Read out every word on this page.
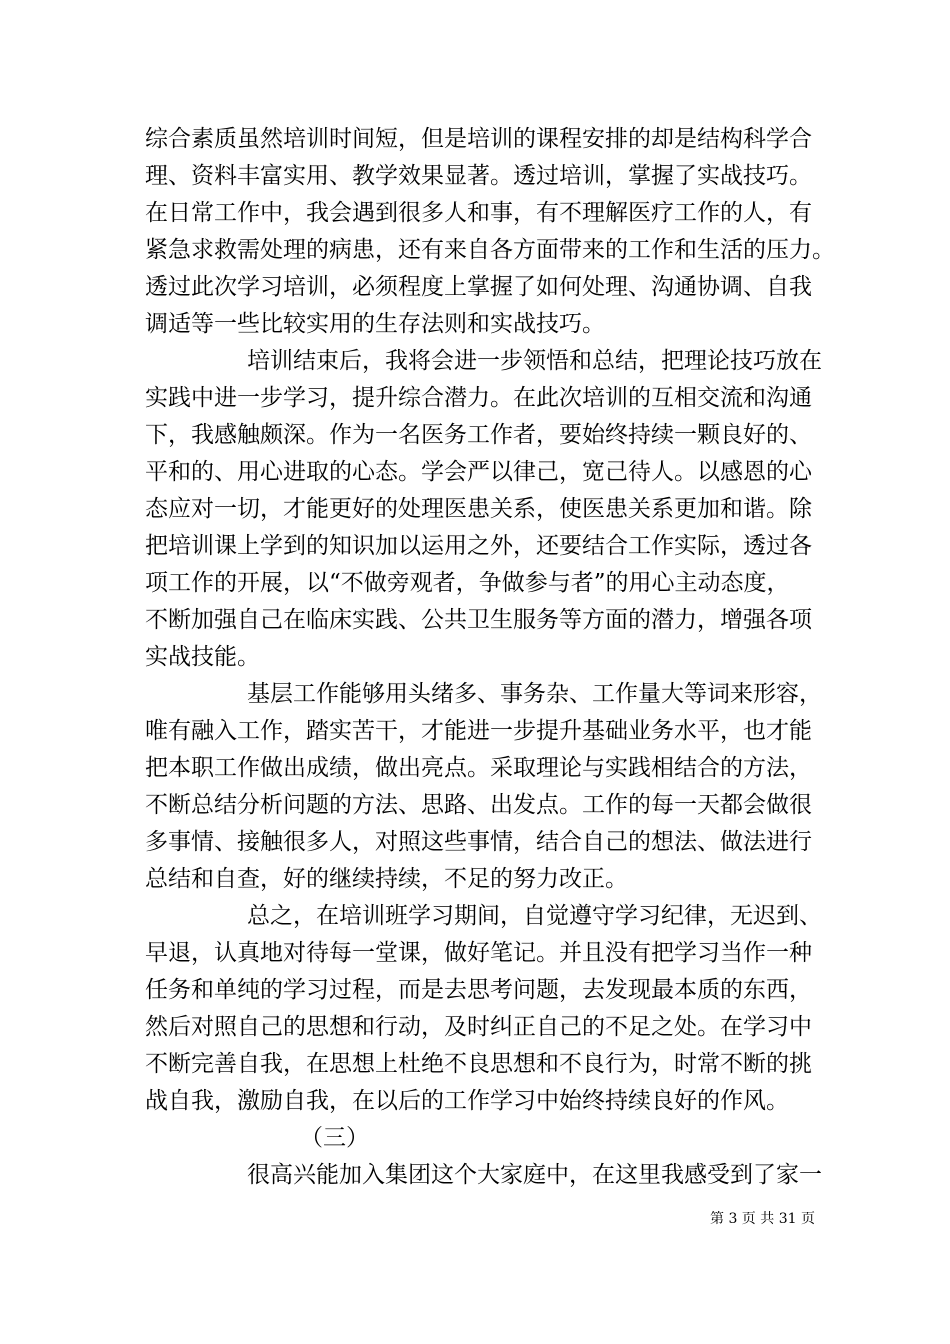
综合素质虽然培训时间短，但是培训的课程安排的却是结构科学合
理、资料丰富实用、教学效果显著。透过培训，掌握了实战技巧。
在日常工作中，我会遇到很多人和事，有不理解医疗工作的人，有
紧急求救需处理的病患，还有来自各方面带来的工作和生活的压力。
透过此次学习培训，必须程度上掌握了如何处理、沟通协调、自我
调适等一些比较实用的生存法则和实战技巧。
培训结束后，我将会进一步领悟和总结，把理论技巧放在
实践中进一步学习，提升综合潜力。在此次培训的互相交流和沟通
下，我感触颇深。作为一名医务工作者，要始终持续一颗良好的、
平和的、用心进取的心态。学会严以律己，宽己待人。以感恩的心
态应对一切，才能更好的处理医患关系，使医患关系更加和谐。除
把培训课上学到的知识加以运用之外，还要结合工作实际，透过各
项工作的开展，以“不做旁观者，争做参与者”的用心主动态度，
不断加强自己在临床实践、公共卫生服务等方面的潜力，增强各项
实战技能。
基层工作能够用头绪多、事务杂、工作量大等词来形容，
唯有融入工作，踏实苦干，才能进一步提升基础业务水平，也才能
把本职工作做出成绩，做出亮点。采取理论与实践相结合的方法，
不断总结分析问题的方法、思路、出发点。工作的每一天都会做很
多事情、接触很多人，对照这些事情，结合自己的想法、做法进行
总结和自查，好的继续持续，不足的努力改正。
总之，在培训班学习期间，自觉遵守学习纪律，无迟到、
早退，认真地对待每一堂课，做好笔记。并且没有把学习当作一种
任务和单纯的学习过程，而是去思考问题，去发现最本质的东西，
然后对照自己的思想和行动，及时纠正自己的不足之处。在学习中
不断完善自我，在思想上杜绝不良思想和不良行为，时常不断的挑
战自我，激励自我，在以后的工作学习中始终持续良好的作风。
（三）
很高兴能加入集团这个大家庭中，在这里我感受到了家一
第 3 页 共 31 页
